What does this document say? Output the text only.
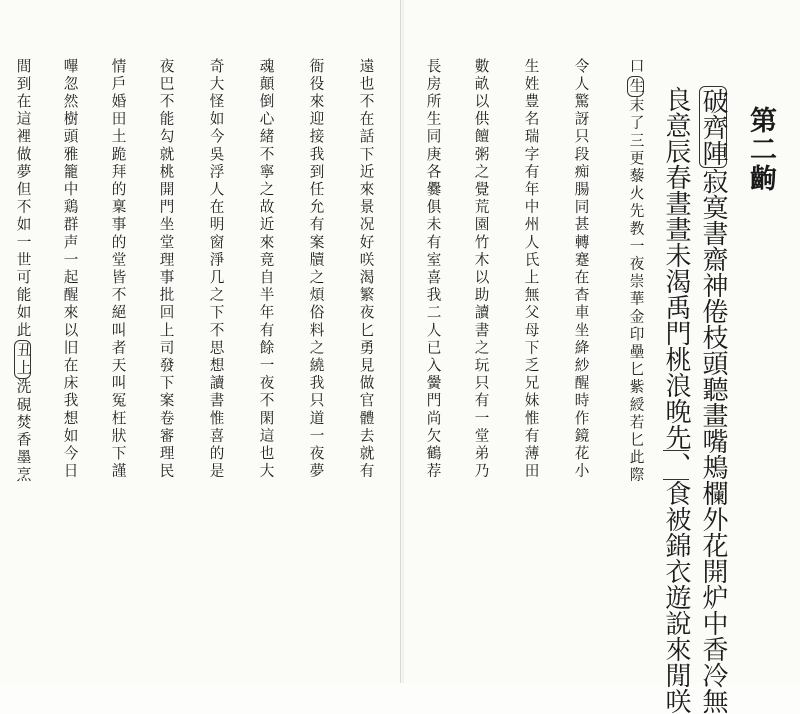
第二齣
破齊陣寂寞書齋神倦枝頭聽畫嘴鴂欄外花開炉中香冷無
良意辰春晝晝未渴禹門桃浪晚先、食被錦衣遊說來閒咲
口生末了三更藜火先教一夜崇華金印壘匕紫綬若匕此際
令人驚訝只段痴腸同甚轉蹇在杳車坐絳紗醒時作鏡花小
生姓豊名瑞字有年中州人氏上無父母下乏兄妹惟有薄田
數畝以供饘粥之覺荒園竹木以助讀書之玩只有一堂弟乃
長房所生同庚各爨俱未有室喜我二人已入黌門尚欠鶴荐
遠也不在話下近來景况好咲渴繁夜匕勇見做官體去就有
衙役來迎接我到任允有案牘之煩俗料之繞我只道一夜夢
魂顛倒心緒不寧之故近來竟自半年有餘一夜不閑這也大
奇大怪如今吳浮人在明窗淨几之下不思想讀書惟喜的是
夜巴不能勾就桃開門坐堂理事批回上司發下案卷審理民
情戶婚田土跪拜的稟事的堂皆不絕叫者天叫冤枉狀下謹
嗶忽然樹頭雅籠中鶏群声一起醒來以旧在床我想如今日
間到在這裡做夢但不如一世可能如此丑上洗硯焚香墨烹
